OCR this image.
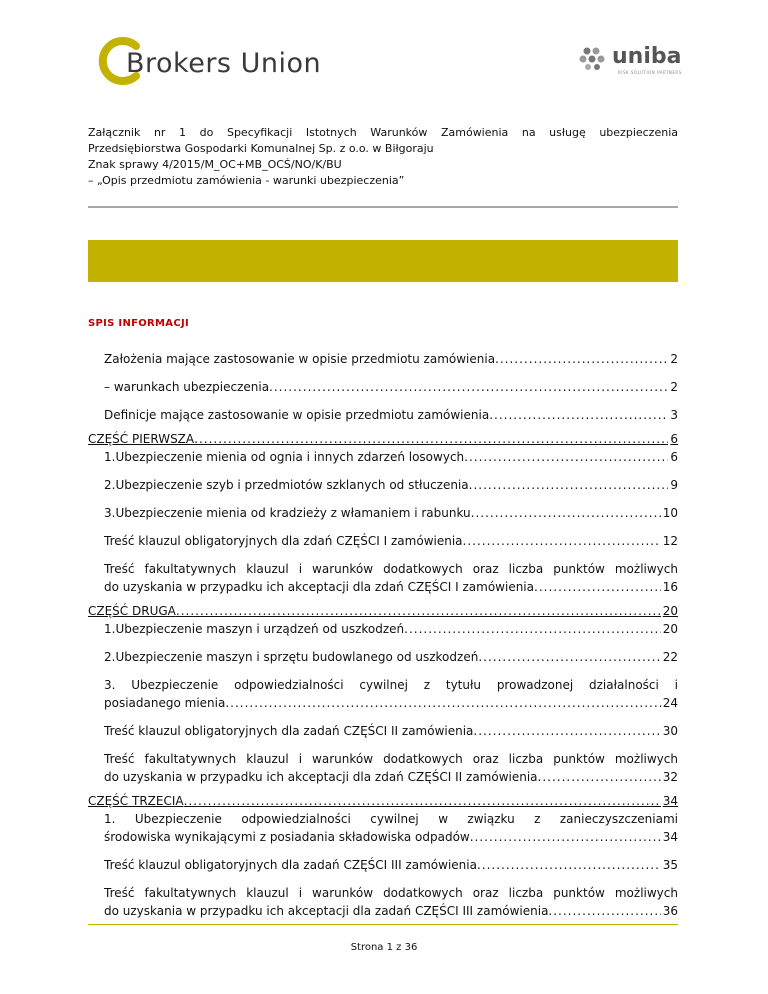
Brokers Union	uniba
RISK SOLUTION PARTNERS
Załącznik nr 1 do Specyfikacji Istotnych Warunków Zamówienia na usługę ubezpieczenia
Przedsiębiorstwa Gospodarki Komunalnej Sp. z o.o. w Biłgoraju
Znak sprawy 4/2015/M_OC+MB_OCŚ/NO/K/BU
– „Opis przedmiotu zamówienia - warunki ubezpieczenia”
SPIS INFORMACJI
Założenia mające zastosowanie w opisie przedmiotu zamówienia .....	2
– warunkach ubezpieczenia .....	2
Definicje mające zastosowanie w opisie przedmiotu zamówienia .....	3
CZĘŚĆ PIERWSZA .....	6
1. Ubezpieczenie mienia od ognia i innych zdarzeń losowych .....	6
2. Ubezpieczenie szyb i przedmiotów szklanych od stłuczenia .....	9
3. Ubezpieczenie mienia od kradzieży z włamaniem i rabunku .....	10
Treść klauzul obligatoryjnych dla zdań CZĘŚCI I zamówienia .....	12
Treść fakultatywnych klauzul i warunków dodatkowych oraz liczba punktów możliwych
do uzyskania w przypadku ich akceptacji dla zdań CZĘŚCI I zamówienia .....	16
CZĘŚĆ DRUGA .....	20
1. Ubezpieczenie maszyn i urządzeń od uszkodzeń .....	20
2. Ubezpieczenie maszyn i sprzętu budowlanego od uszkodzeń .....	22
3. Ubezpieczenie odpowiedzialności cywilnej z tytułu prowadzonej działalności i
posiadanego mienia .....	24
Treść klauzul obligatoryjnych dla zadań CZĘŚCI II zamówienia .....	30
Treść fakultatywnych klauzul i warunków dodatkowych oraz liczba punktów możliwych
do uzyskania w przypadku ich akceptacji dla zdań CZĘŚCI II zamówienia .....	32
CZĘŚĆ TRZECIA .....	34
1. Ubezpieczenie odpowiedzialności cywilnej w związku z zanieczyszczeniami
środowiska wynikającymi z posiadania składowiska odpadów .....	34
Treść klauzul obligatoryjnych dla zadań CZĘŚCI III zamówienia .....	35
Treść fakultatywnych klauzul i warunków dodatkowych oraz liczba punktów możliwych
do uzyskania w przypadku ich akceptacji dla zadań CZĘŚCI III zamówienia .....	36
Strona 1 z 36
